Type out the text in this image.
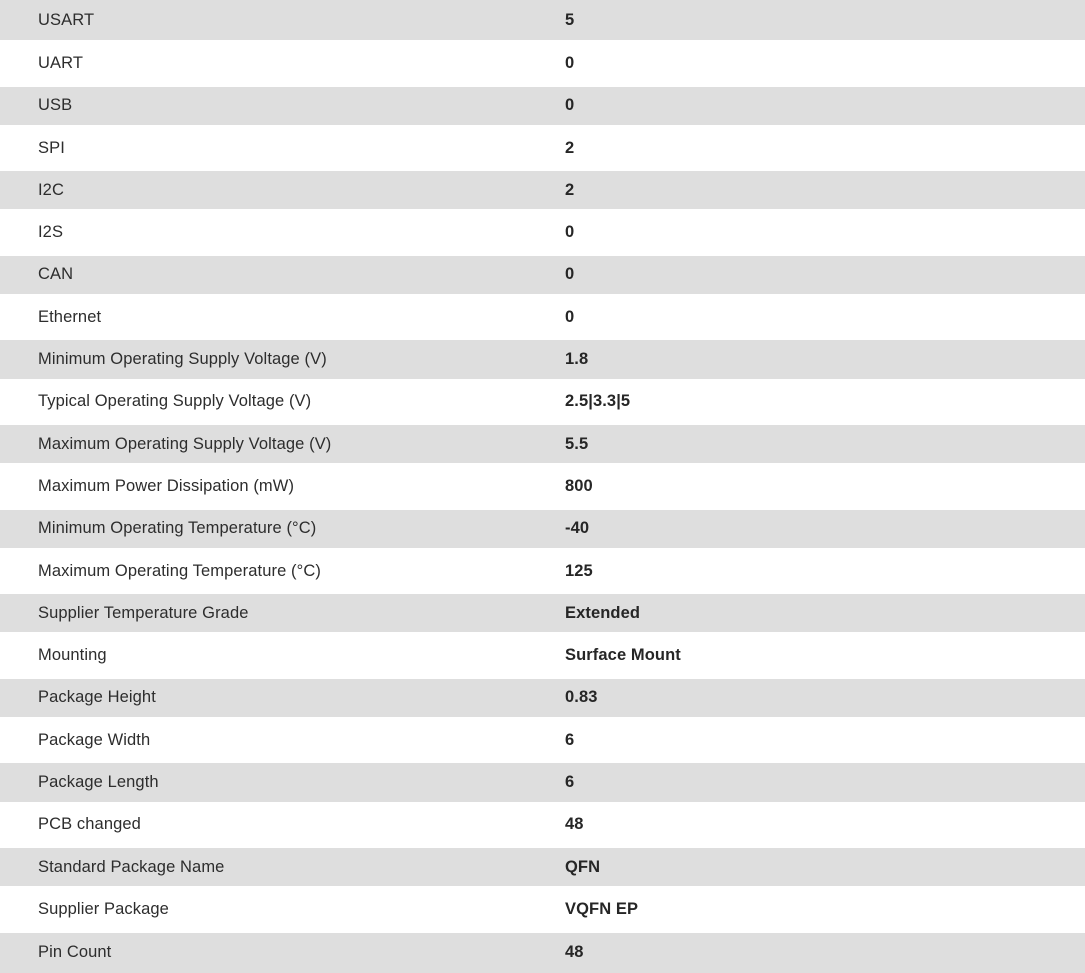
USART	5
UART	0
USB	0
SPI	2
I2C	2
I2S	0
CAN	0
Ethernet	0
Minimum Operating Supply Voltage (V)	1.8
Typical Operating Supply Voltage (V)	2.5|3.3|5
Maximum Operating Supply Voltage (V)	5.5
Maximum Power Dissipation (mW)	800
Minimum Operating Temperature (°C)	-40
Maximum Operating Temperature (°C)	125
Supplier Temperature Grade	Extended
Mounting	Surface Mount
Package Height	0.83
Package Width	6
Package Length	6
PCB changed	48
Standard Package Name	QFN
Supplier Package	VQFN EP
Pin Count	48
